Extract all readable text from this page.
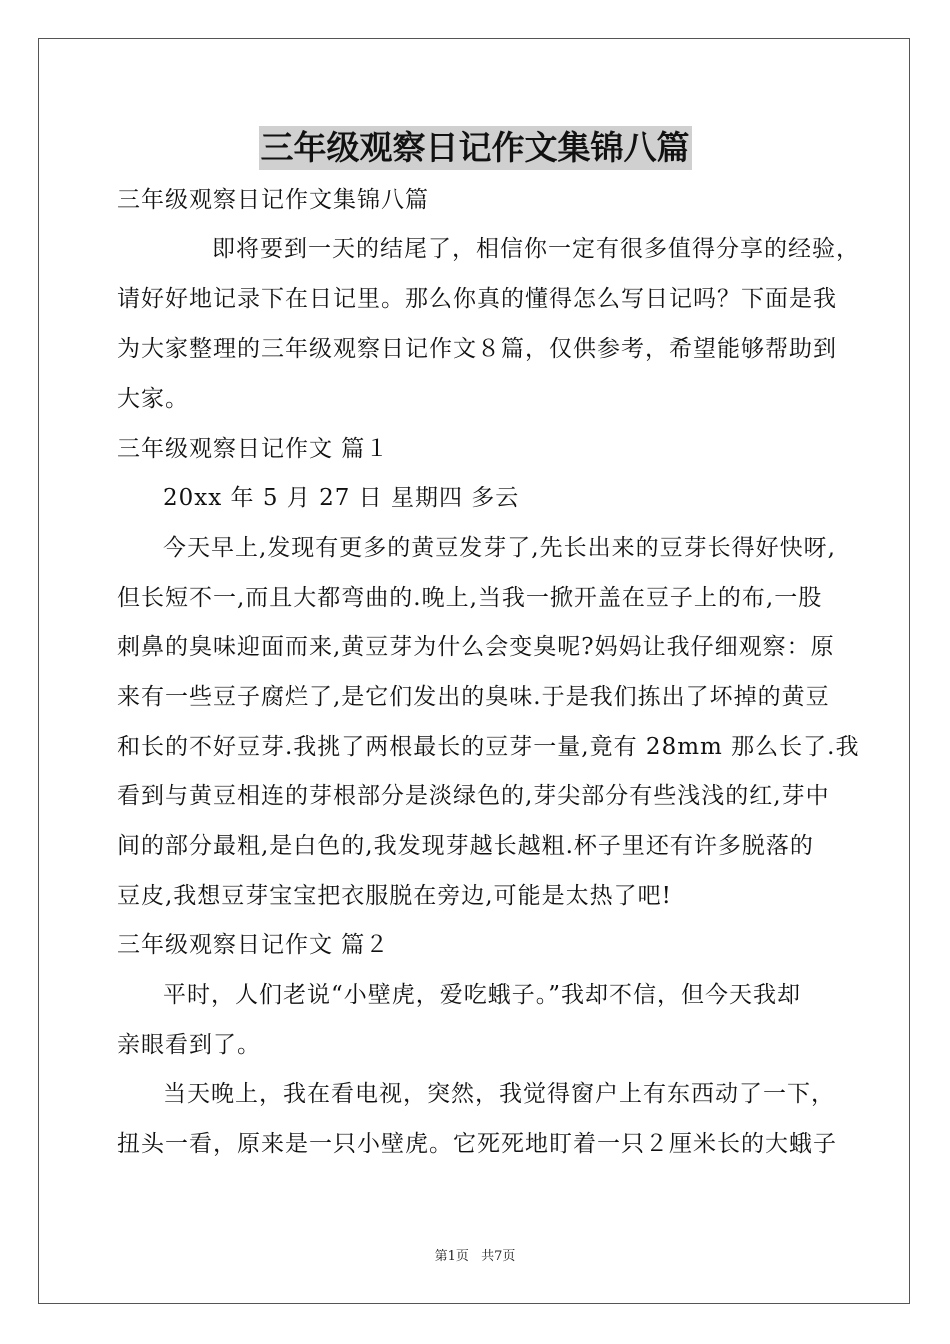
三年级观察日记作文集锦八篇
三年级观察日记作文集锦八篇
即将要到一天的结尾了，相信你一定有很多值得分享的经验，
请好好地记录下在日记里。那么你真的懂得怎么写日记吗？下面是我
为大家整理的三年级观察日记作文８篇，仅供参考，希望能够帮助到
大家。
三年级观察日记作文 篇１
20xx 年 5 月 27 日 星期四 多云
今天早上,发现有更多的黄豆发芽了,先长出来的豆芽长得好快呀,
但长短不一,而且大都弯曲的.晚上,当我一掀开盖在豆子上的布,一股
刺鼻的臭味迎面而来,黄豆芽为什么会变臭呢?妈妈让我仔细观察：原
来有一些豆子腐烂了,是它们发出的臭味.于是我们拣出了坏掉的黄豆
和长的不好豆芽.我挑了两根最长的豆芽一量,竟有 28mm 那么长了.我
看到与黄豆相连的芽根部分是淡绿色的,芽尖部分有些浅浅的红,芽中
间的部分最粗,是白色的,我发现芽越长越粗.杯子里还有许多脱落的
豆皮,我想豆芽宝宝把衣服脱在旁边,可能是太热了吧!
三年级观察日记作文 篇２
平时，人们老说“小壁虎，爱吃蛾子。”我却不信，但今天我却
亲眼看到了。
当天晚上，我在看电视，突然，我觉得窗户上有东西动了一下，
扭头一看，原来是一只小壁虎。它死死地盯着一只２厘米长的大蛾子
第1页 共7页
